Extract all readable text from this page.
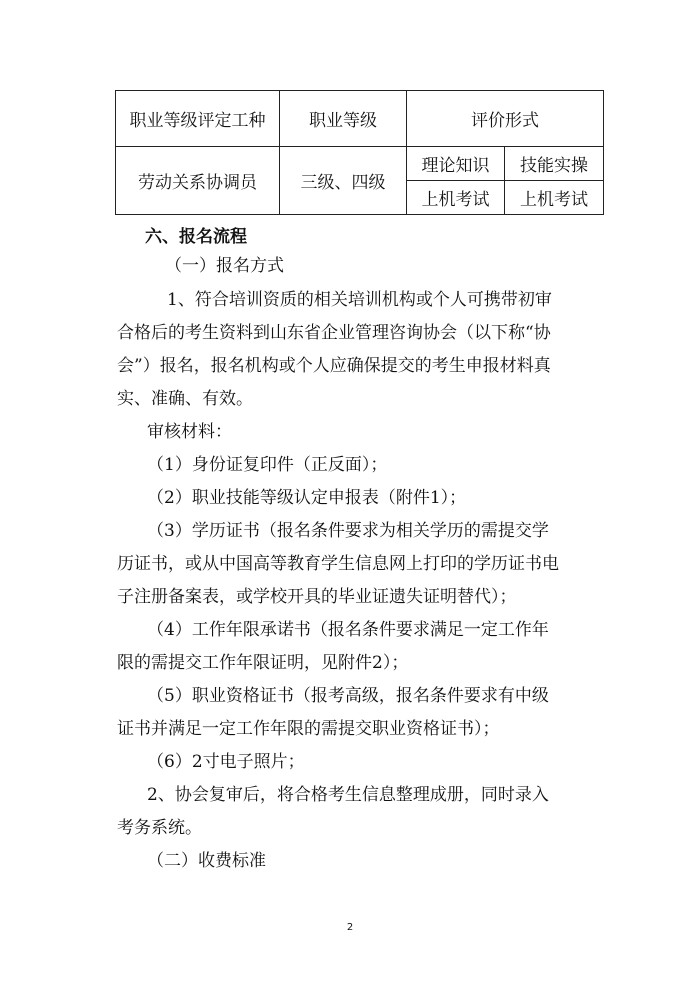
职业等级评定工种	职业等级	评价形式	
劳动关系协调员	三级、四级	理论知识	技能实操
		上机考试	上机考试
六、报名流程
（一）报名方式
1、符合培训资质的相关培训机构或个人可携带初审
合格后的考生资料到山东省企业管理咨询协会（以下称“协
会”）报名，报名机构或个人应确保提交的考生申报材料真
实、准确、有效。
审核材料：
（1）身份证复印件（正反面）；
（2）职业技能等级认定申报表（附件1）；
（3）学历证书（报名条件要求为相关学历的需提交学
历证书，或从中国高等教育学生信息网上打印的学历证书电
子注册备案表，或学校开具的毕业证遗失证明替代）；
（4）工作年限承诺书（报名条件要求满足一定工作年
限的需提交工作年限证明，见附件2）；
（5）职业资格证书（报考高级，报名条件要求有中级
证书并满足一定工作年限的需提交职业资格证书）；
（6）2寸电子照片；
2、协会复审后，将合格考生信息整理成册，同时录入
考务系统。
（二）收费标准
2
